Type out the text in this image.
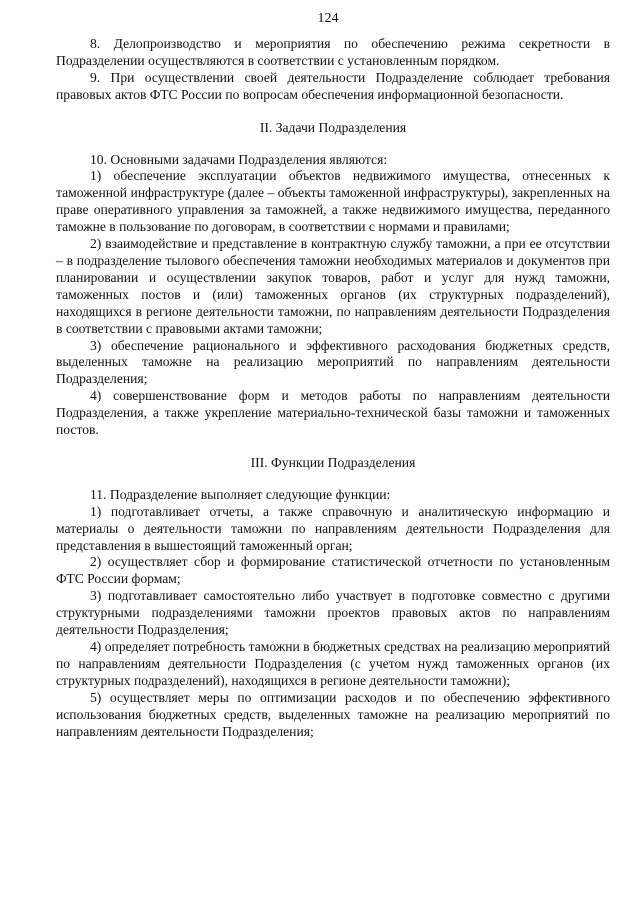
124
8. Делопроизводство и мероприятия по обеспечению режима секретности в Подразделении осуществляются в соответствии с установленным порядком.
9. При осуществлении своей деятельности Подразделение соблюдает требования правовых актов ФТС России по вопросам обеспечения информационной безопасности.
II. Задачи Подразделения
10. Основными задачами Подразделения являются:
1) обеспечение эксплуатации объектов недвижимого имущества, отнесенных к таможенной инфраструктуре (далее – объекты таможенной инфраструктуры), закрепленных на праве оперативного управления за таможней, а также недвижимого имущества, переданного таможне в пользование по договорам, в соответствии с нормами и правилами;
2) взаимодействие и представление в контрактную службу таможни, а при ее отсутствии – в подразделение тылового обеспечения таможни необходимых материалов и документов при планировании и осуществлении закупок товаров, работ и услуг для нужд таможни, таможенных постов и (или) таможенных органов (их структурных подразделений), находящихся в регионе деятельности таможни, по направлениям деятельности Подразделения в соответствии с правовыми актами таможни;
3) обеспечение рационального и эффективного расходования бюджетных средств, выделенных таможне на реализацию мероприятий по направлениям деятельности Подразделения;
4) совершенствование форм и методов работы по направлениям деятельности Подразделения, а также укрепление материально-технической базы таможни и таможенных постов.
III. Функции Подразделения
11. Подразделение выполняет следующие функции:
1) подготавливает отчеты, а также справочную и аналитическую информацию и материалы о деятельности таможни по направлениям деятельности Подразделения для представления в вышестоящий таможенный орган;
2) осуществляет сбор и формирование статистической отчетности по установленным ФТС России формам;
3) подготавливает самостоятельно либо участвует в подготовке совместно с другими структурными подразделениями таможни проектов правовых актов по направлениям деятельности Подразделения;
4) определяет потребность таможни в бюджетных средствах на реализацию мероприятий по направлениям деятельности Подразделения (с учетом нужд таможенных органов (их структурных подразделений), находящихся в регионе деятельности таможни);
5) осуществляет меры по оптимизации расходов и по обеспечению эффективного использования бюджетных средств, выделенных таможне на реализацию мероприятий по направлениям деятельности Подразделения;
